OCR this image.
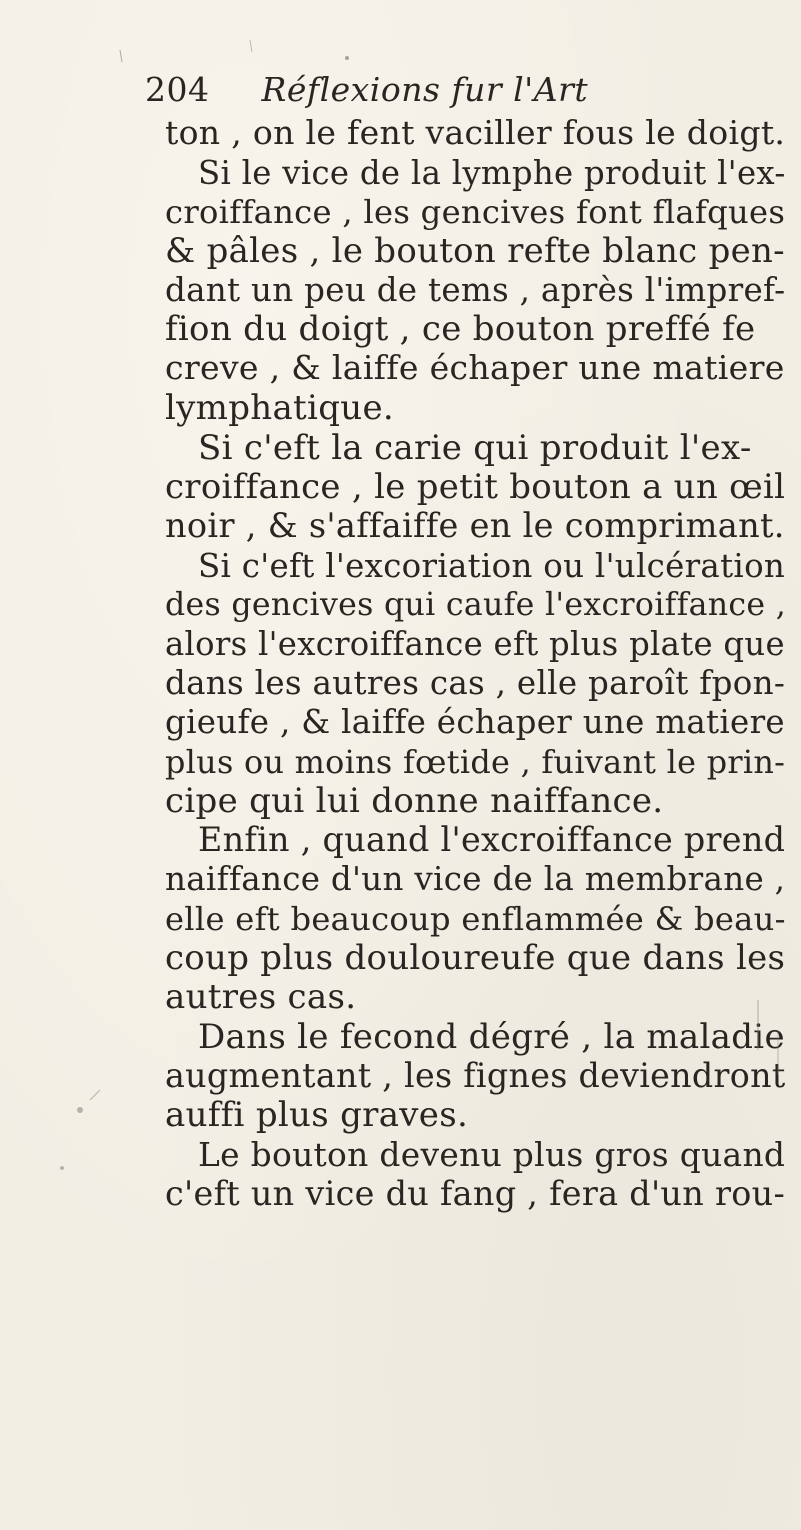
204 Réflexions fur l'Art
ton , on le fent vaciller fous le doigt.
Si le vice de la lymphe produit l'ex-
croiffance , les gencives font flafques
& pâles , le bouton refte blanc pen-
dant un peu de tems , après l'impref-
fion du doigt , ce bouton preffé fe
creve , & laiffe échaper une matiere
lymphatique.
Si c'eft la carie qui produit l'ex-
croiffance , le petit bouton a un œil
noir , & s'affaiffe en le comprimant.
Si c'eft l'excoriation ou l'ulcération
des gencives qui caufe l'excroiffance ,
alors l'excroiffance eft plus plate que
dans les autres cas , elle paroît fpon-
gieufe , & laiffe échaper une matiere
plus ou moins fœtide , fuivant le prin-
cipe qui lui donne naiffance.
Enfin , quand l'excroiffance prend
naiffance d'un vice de la membrane ,
elle eft beaucoup enflammée & beau-
coup plus douloureufe que dans les
autres cas.
Dans le fecond dégré , la maladie
augmentant , les fignes deviendront
auffi plus graves.
Le bouton devenu plus gros quand
c'eft un vice du fang , fera d'un rou-
